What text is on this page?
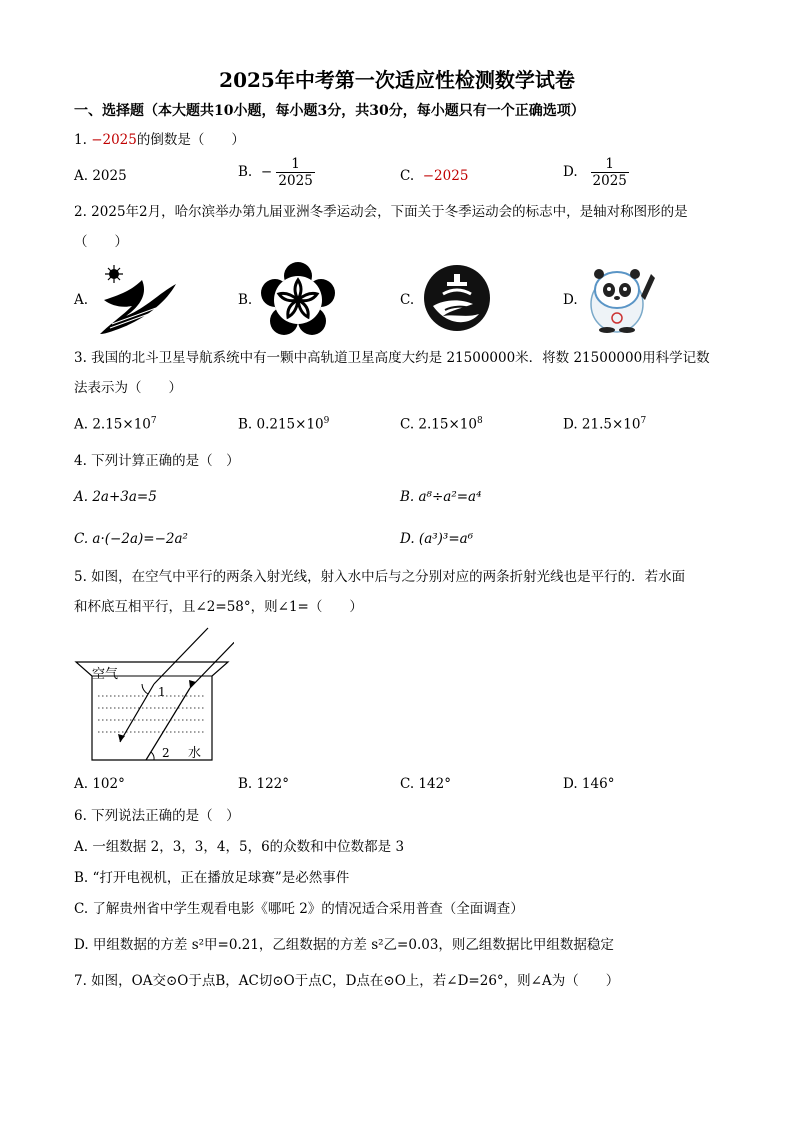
2025年中考第一次适应性检测数学试卷
一、选择题（本大题共10小题，每小题3分，共30分，每小题只有一个正确选项）
1. −2025的倒数是（　　）
A. 2025	B. − $\frac{1}{2025}$	C. −2025	D. $\frac{1}{2025}$
2. 2025年2月，哈尔滨举办第九届亚洲冬季运动会，下面关于冬季运动会的标志中，是轴对称图形的是
（　　）
A.	B.	C.	D.
3. 我国的北斗卫星导航系统中有一颗中高轨道卫星高度大约是 21500000米．将数 21500000用科学记数
法表示为（　　）
A. $2.15\times 10^7$	B. $0.215\times 10^9$	C. $2.15\times 10^8$	D. $21.5\times 10^7$
4. 下列计算正确的是（　）
A. 2a+3a=5	B. a⁸÷a²=a⁴
C. a·(−2a)=−2a²	D. (a³)³=a⁶
5. 如图，在空气中平行的两条入射光线，射入水中后与之分别对应的两条折射光线也是平行的．若水面
和杯底互相平行，且∠2=58°，则∠1=（　　）
空气
1
2 水
A. 102°	B. 122°	C. 142°	D. 146°
6. 下列说法正确的是（　）
A. 一组数据 2，3，3，4，5，6的众数和中位数都是 3
B. “打开电视机，正在播放足球赛”是必然事件
C. 了解贵州省中学生观看电影《哪吒 2》的情况适合采用普查（全面调查）
D. 甲组数据的方差 s²甲=0.21，乙组数据的方差 s²乙=0.03，则乙组数据比甲组数据稳定
7. 如图，OA交⊙O于点B，AC切⊙O于点C，D点在⊙O上，若∠D=26°，则∠A为（　　）
